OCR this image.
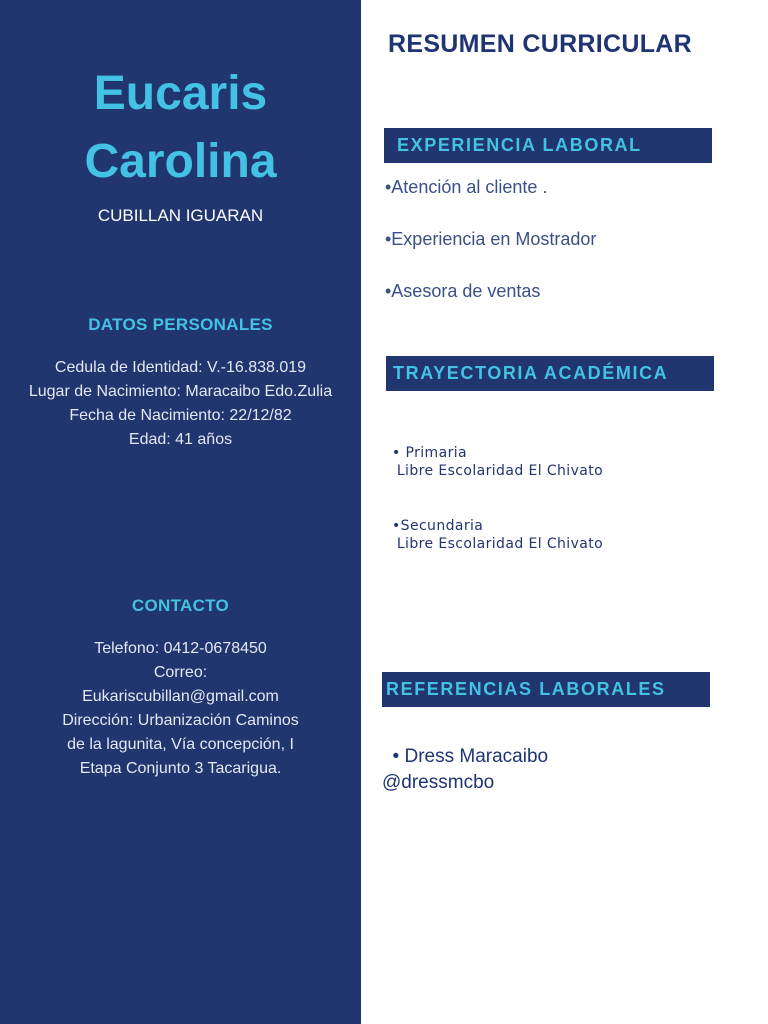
Eucaris
Carolina
CUBILLAN IGUARAN
DATOS PERSONALES
Cedula de Identidad: V.-16.838.019
Lugar de Nacimiento: Maracaibo Edo.Zulia
Fecha de Nacimiento: 22/12/82
Edad: 41 años
CONTACTO
Telefono: 0412-0678450
Correo:
Eukariscubillan@gmail.com
Dirección: Urbanización Caminos
de la lagunita, Vía concepción, I
Etapa Conjunto 3 Tacarigua.
RESUMEN CURRICULAR
EXPERIENCIA LABORAL
•Atención al cliente .
•Experiencia en Mostrador
•Asesora de ventas
TRAYECTORIA ACADÉMICA
• Primaria
Libre Escolaridad El Chivato
•Secundaria
Libre Escolaridad El Chivato
REFERENCIAS LABORALES
• Dress Maracaibo
@dressmcbo
